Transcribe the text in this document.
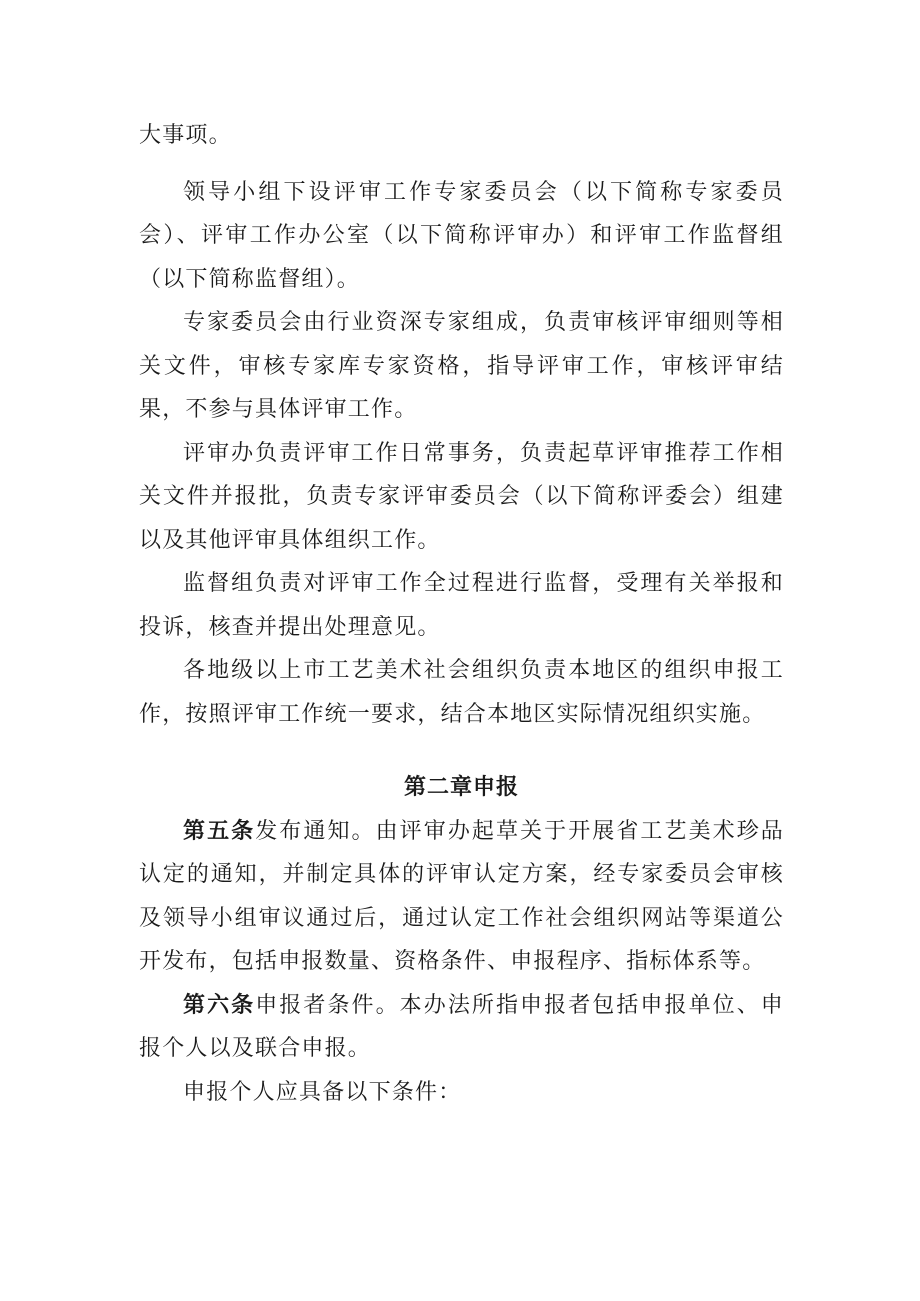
大事项。

领导小组下设评审工作专家委员会（以下简称专家委员会）、评审工作办公室（以下简称评审办）和评审工作监督组（以下简称监督组）。

专家委员会由行业资深专家组成，负责审核评审细则等相关文件，审核专家库专家资格，指导评审工作，审核评审结果，不参与具体评审工作。

评审办负责评审工作日常事务，负责起草评审推荐工作相关文件并报批，负责专家评审委员会（以下简称评委会）组建以及其他评审具体组织工作。

监督组负责对评审工作全过程进行监督，受理有关举报和投诉，核查并提出处理意见。

各地级以上市工艺美术社会组织负责本地区的组织申报工作，按照评审工作统一要求，结合本地区实际情况组织实施。

第二章申报

第五条发布通知。由评审办起草关于开展省工艺美术珍品认定的通知，并制定具体的评审认定方案，经专家委员会审核及领导小组审议通过后，通过认定工作社会组织网站等渠道公开发布，包括申报数量、资格条件、申报程序、指标体系等。

第六条申报者条件。本办法所指申报者包括申报单位、申报个人以及联合申报。

申报个人应具备以下条件：
